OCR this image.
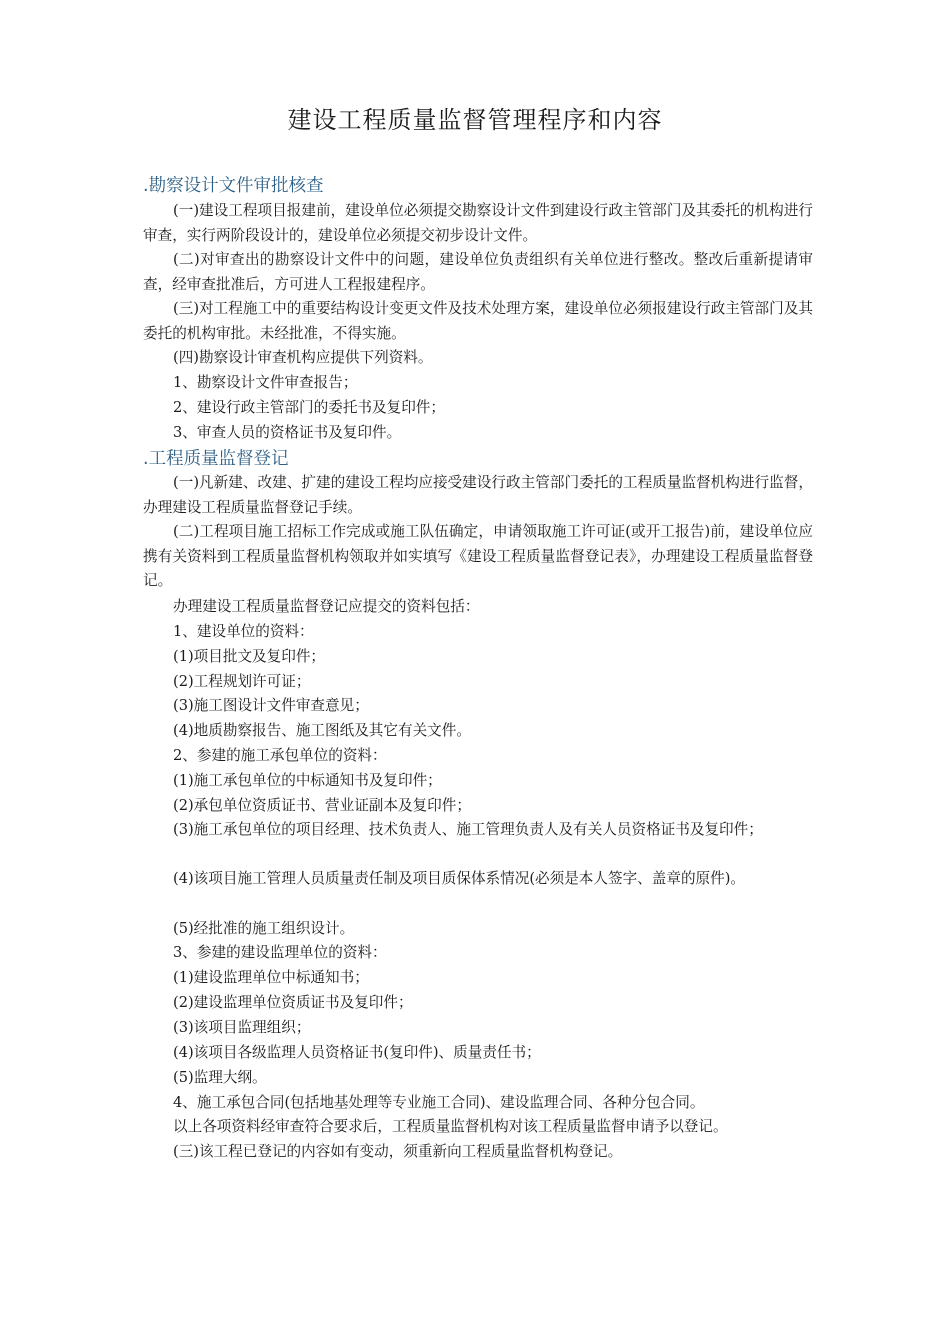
建设工程质量监督管理程序和内容
.勘察设计文件审批核查
(一)建设工程项目报建前，建设单位必须提交勘察设计文件到建设行政主管部门及其委托的机构进行审查，实行两阶段设计的，建设单位必须提交初步设计文件。
(二)对审查出的勘察设计文件中的问题，建设单位负责组织有关单位进行整改。整改后重新提请审查，经审查批准后，方可进人工程报建程序。
(三)对工程施工中的重要结构设计变更文件及技术处理方案，建设单位必须报建设行政主管部门及其委托的机构审批。未经批准，不得实施。
(四)勘察设计审查机构应提供下列资料。
1、勘察设计文件审查报告；
2、建设行政主管部门的委托书及复印件；
3、审查人员的资格证书及复印件。
.工程质量监督登记
(一)凡新建、改建、扩建的建设工程均应接受建设行政主管部门委托的工程质量监督机构进行监督，办理建设工程质量监督登记手续。
(二)工程项目施工招标工作完成或施工队伍确定，申请领取施工许可证(或开工报告)前，建设单位应携有关资料到工程质量监督机构领取并如实填写《建设工程质量监督登记表》，办理建设工程质量监督登记。
办理建设工程质量监督登记应提交的资料包括：
1、建设单位的资料：
(1)项目批文及复印件；
(2)工程规划许可证；
(3)施工图设计文件审查意见；
(4)地质勘察报告、施工图纸及其它有关文件。
2、参建的施工承包单位的资料：
(1)施工承包单位的中标通知书及复印件；
(2)承包单位资质证书、营业证副本及复印件；
(3)施工承包单位的项目经理、技术负责人、施工管理负责人及有关人员资格证书及复印件；
(4)该项目施工管理人员质量责任制及项目质保体系情况(必须是本人签字、盖章的原件)。
(5)经批准的施工组织设计。
3、参建的建设监理单位的资料：
(1)建设监理单位中标通知书；
(2)建设监理单位资质证书及复印件；
(3)该项目监理组织；
(4)该项目各级监理人员资格证书(复印件)、质量责任书；
(5)监理大纲。
4、施工承包合同(包括地基处理等专业施工合同)、建设监理合同、各种分包合同。
以上各项资料经审查符合要求后，工程质量监督机构对该工程质量监督申请予以登记。
(三)该工程已登记的内容如有变动，须重新向工程质量监督机构登记。
